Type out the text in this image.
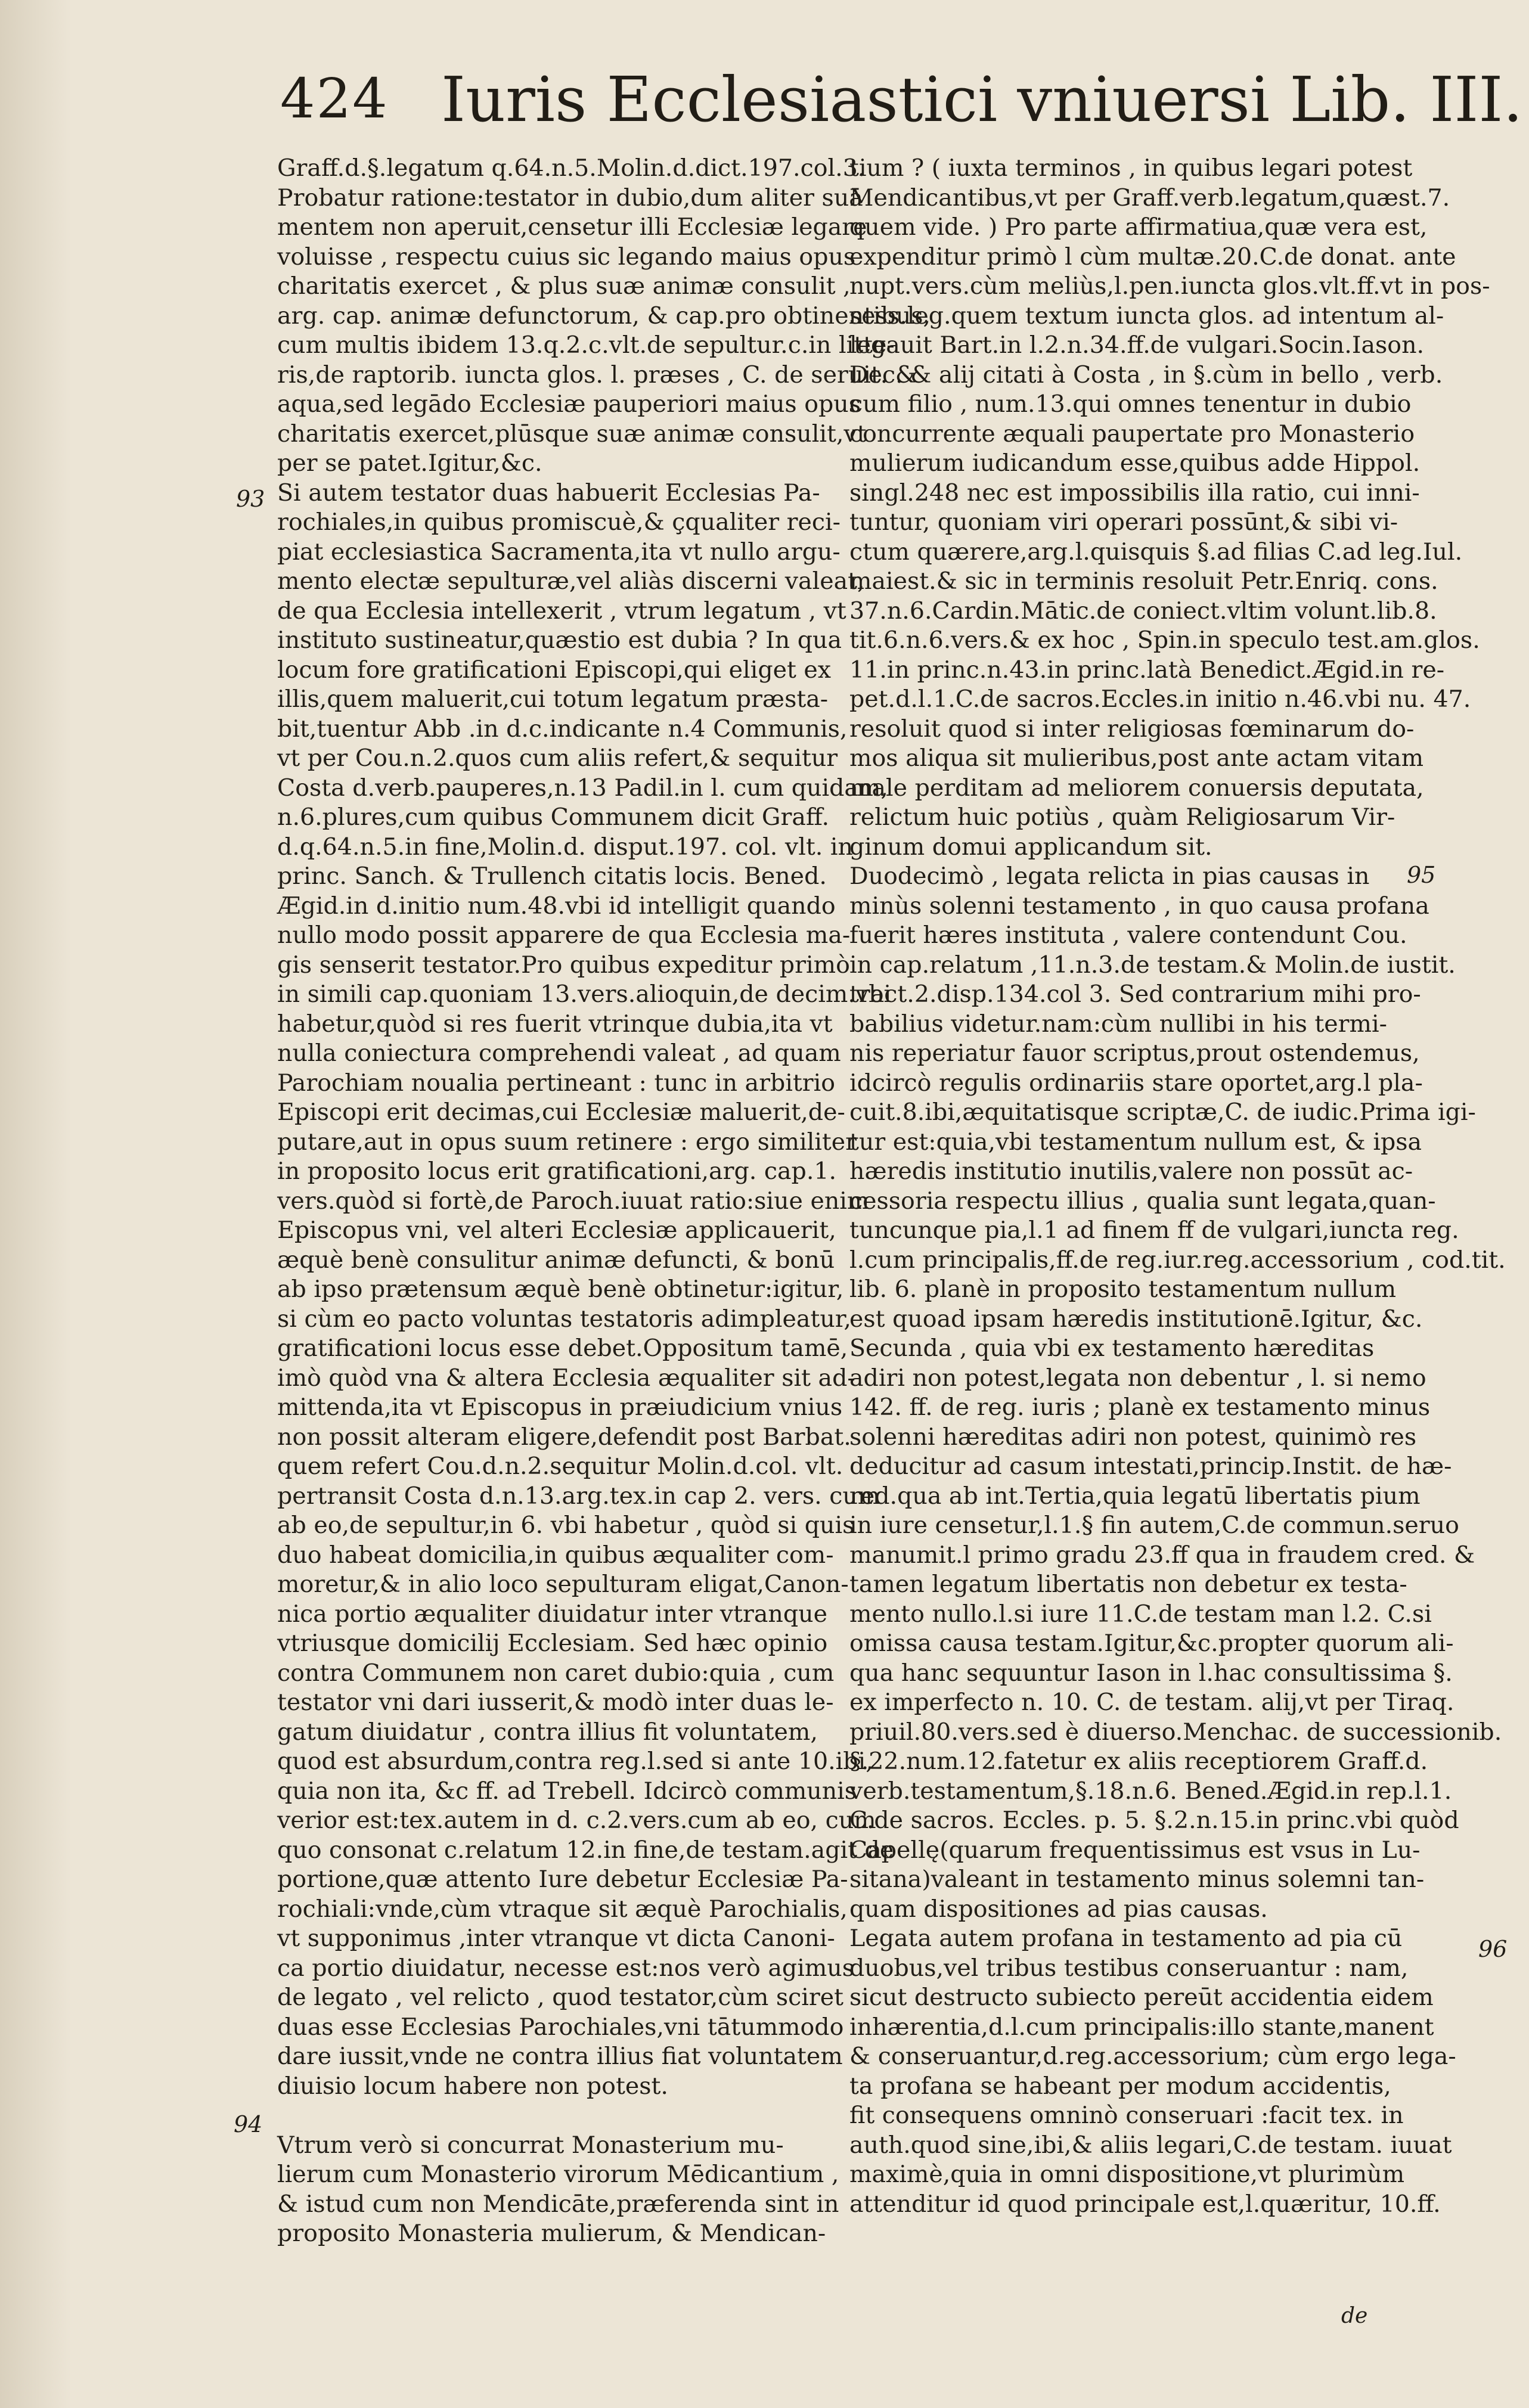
424 Iuris Ecclesiastici vniuersi Lib. III.
Graff.d.§.legatum q.64.n.5.Molin.d.dict.197.col.3.
Probatur ratione:testator in dubio,dum aliter suā
mentem non aperuit,censetur illi Ecclesiæ legare
voluisse , respectu cuius sic legando maius opus
charitatis exercet , & plus suæ animæ consulit ,
arg. cap. animæ defunctorum, & cap.pro obtinentibus,
cum multis ibidem 13.q.2.c.vlt.de sepultur.c.in litte-
ris,de raptorib. iuncta glos. l. præses , C. de seruit. &
aqua,sed legādo Ecclesiæ pauperiori maius opus
charitatis exercet,plūsque suæ animæ consulit,vt
per se patet.Igitur,&c.
Si autem testator duas habuerit Ecclesias Pa-
rochiales,in quibus promiscuè,& çqualiter reci-
piat ecclesiastica Sacramenta,ita vt nullo argu-
mento electæ sepulturæ,vel aliàs discerni valeat,
de qua Ecclesia intellexerit , vtrum legatum , vt
instituto sustineatur,quæstio est dubia ? In qua
locum fore gratificationi Episcopi,qui eliget ex
illis,quem maluerit,cui totum legatum præsta-
bit,tuentur Abb .in d.c.indicante n.4 Communis,
vt per Cou.n.2.quos cum aliis refert,& sequitur
Costa d.verb.pauperes,n.13 Padil.in l. cum quidam,
n.6.plures,cum quibus Communem dicit Graff.
d.q.64.n.5.in fine,Molin.d. disput.197. col. vlt. in
princ. Sanch. & Trullench citatis locis. Bened.
Ægid.in d.initio num.48.vbi id intelligit quando
nullo modo possit apparere de qua Ecclesia ma-
gis senserit testator.Pro quibus expeditur primò
in simili cap.quoniam 13.vers.alioquin,de decim.vbi
habetur,quòd si res fuerit vtrinque dubia,ita vt
nulla coniectura comprehendi valeat , ad quam
Parochiam noualia pertineant : tunc in arbitrio
Episcopi erit decimas,cui Ecclesiæ maluerit,de-
putare,aut in opus suum retinere : ergo similiter
in proposito locus erit gratificationi,arg. cap.1.
vers.quòd si fortè,de Paroch.iuuat ratio:siue enim
Episcopus vni, vel alteri Ecclesiæ applicauerit,
æquè benè consulitur animæ defuncti, & bonū
ab ipso prætensum æquè benè obtinetur:igitur,
si cùm eo pacto voluntas testatoris adimpleatur,
gratificationi locus esse debet.Oppositum tamē,
imò quòd vna & altera Ecclesia æqualiter sit ad-
mittenda,ita vt Episcopus in præiudicium vnius
non possit alteram eligere,defendit post Barbat.
quem refert Cou.d.n.2.sequitur Molin.d.col. vlt.
pertransit Costa d.n.13.arg.tex.in cap 2. vers. cum
ab eo,de sepultur,in 6. vbi habetur , quòd si quis
duo habeat domicilia,in quibus æqualiter com-
moretur,& in alio loco sepulturam eligat,Canon-
nica portio æqualiter diuidatur inter vtranque
vtriusque domicilij Ecclesiam. Sed hæc opinio
contra Communem non caret dubio:quia , cum
testator vni dari iusserit,& modò inter duas le-
gatum diuidatur , contra illius fit voluntatem,
quod est absurdum,contra reg.l.sed si ante 10.ibi,
quia non ita, &c ff. ad Trebell. Idcircò communis
verior est:tex.autem in d. c.2.vers.cum ab eo, cum
quo consonat c.relatum 12.in fine,de testam.agit de
portione,quæ attento Iure debetur Ecclesiæ Pa-
rochiali:vnde,cùm vtraque sit æquè Parochialis,
vt supponimus ,inter vtranque vt dicta Canoni-
ca portio diuidatur, necesse est:nos verò agimus
de legato , vel relicto , quod testator,cùm sciret
duas esse Ecclesias Parochiales,vni tātummodo
dare iussit,vnde ne contra illius fiat voluntatem
diuisio locum habere non potest.
Vtrum verò si concurrat Monasterium mu-
lierum cum Monasterio virorum Mēdicantium ,
& istud cum non Mendicāte,præferenda sint in
proposito Monasteria mulierum, & Mendican-
tium ? ( iuxta terminos , in quibus legari potest
Mendicantibus,vt per Graff.verb.legatum,quæst.7.
quem vide. ) Pro parte affirmatiua,quæ vera est,
expenditur primò l cùm multæ.20.C.de donat. ante
nupt.vers.cùm meliùs,l.pen.iuncta glos.vlt.ff.vt in pos-
sess.leg.quem textum iuncta glos. ad intentum al-
legauit Bart.in l.2.n.34.ff.de vulgari.Socin.Iason.
Dec. & alij citati à Costa , in §.cùm in bello , verb.
cum filio , num.13.qui omnes tenentur in dubio
concurrente æquali paupertate pro Monasterio
mulierum iudicandum esse,quibus adde Hippol.
singl.248 nec est impossibilis illa ratio, cui inni-
tuntur, quoniam viri operari possūnt,& sibi vi-
ctum quærere,arg.l.quisquis §.ad filias C.ad leg.Iul.
maiest.& sic in terminis resoluit Petr.Enriq. cons.
37.n.6.Cardin.Mātic.de coniect.vltim volunt.lib.8.
tit.6.n.6.vers.& ex hoc , Spin.in speculo test.am.glos.
11.in princ.n.43.in princ.latà Benedict.Ægid.in re-
pet.d.l.1.C.de sacros.Eccles.in initio n.46.vbi nu. 47.
resoluit quod si inter religiosas fœminarum do-
mos aliqua sit mulieribus,post ante actam vitam
male perditam ad meliorem conuersis deputata,
relictum huic potiùs , quàm Religiosarum Vir-
ginum domui applicandum sit.
Duodecimò , legata relicta in pias causas in
minùs solenni testamento , in quo causa profana
fuerit hæres instituta , valere contendunt Cou.
in cap.relatum ,11.n.3.de testam.& Molin.de iustit.
tract.2.disp.134.col 3. Sed contrarium mihi pro-
babilius videtur.nam:cùm nullibi in his termi-
nis reperiatur fauor scriptus,prout ostendemus,
idcircò regulis ordinariis stare oportet,arg.l pla-
cuit.8.ibi,æquitatisque scriptæ,C. de iudic.Prima igi-
tur est:quia,vbi testamentum nullum est, & ipsa
hæredis institutio inutilis,valere non possūt ac-
cessoria respectu illius , qualia sunt legata,quan-
tuncunque pia,l.1 ad finem ff de vulgari,iuncta reg.
l.cum principalis,ff.de reg.iur.reg.accessorium , cod.tit.
lib. 6. planè in proposito testamentum nullum
est quoad ipsam hæredis institutionē.Igitur, &c.
Secunda , quia vbi ex testamento hæreditas
adiri non potest,legata non debentur , l. si nemo
142. ff. de reg. iuris ; planè ex testamento minus
solenni hæreditas adiri non potest, quinimò res
deducitur ad casum intestati,princip.Instit. de hæ-
red.qua ab int.Tertia,quia legatū libertatis pium
in iure censetur,l.1.§ fin autem,C.de commun.seruo
manumit.l primo gradu 23.ff qua in fraudem cred. &
tamen legatum libertatis non debetur ex testa-
mento nullo.l.si iure 11.C.de testam man l.2. C.si
omissa causa testam.Igitur,&c.propter quorum ali-
qua hanc sequuntur Iason in l.hac consultissima §.
ex imperfecto n. 10. C. de testam. alij,vt per Tiraq.
priuil.80.vers.sed è diuerso.Menchac. de successionib.
§.22.num.12.fatetur ex aliis receptiorem Graff.d.
verb.testamentum,§.18.n.6. Bened.Ægid.in rep.l.1.
C.de sacros. Eccles. p. 5. §.2.n.15.in princ.vbi quòd
Capellę(quarum frequentissimus est vsus in Lu-
sitana)valeant in testamento minus solemni tan-
quam dispositiones ad pias causas.
Legata autem profana in testamento ad pia cū
duobus,vel tribus testibus conseruantur : nam,
sicut destructo subiecto pereūt accidentia eidem
inhærentia,d.l.cum principalis:illo stante,manent
& conseruantur,d.reg.accessorium; cùm ergo lega-
ta profana se habeant per modum accidentis,
fit consequens omninò conseruari :facit tex. in
auth.quod sine,ibi,& aliis legari,C.de testam. iuuat
maximè,quia in omni dispositione,vt plurimùm
attenditur id quod principale est,l.quæritur, 10.ff.
93
94
95
96
de
